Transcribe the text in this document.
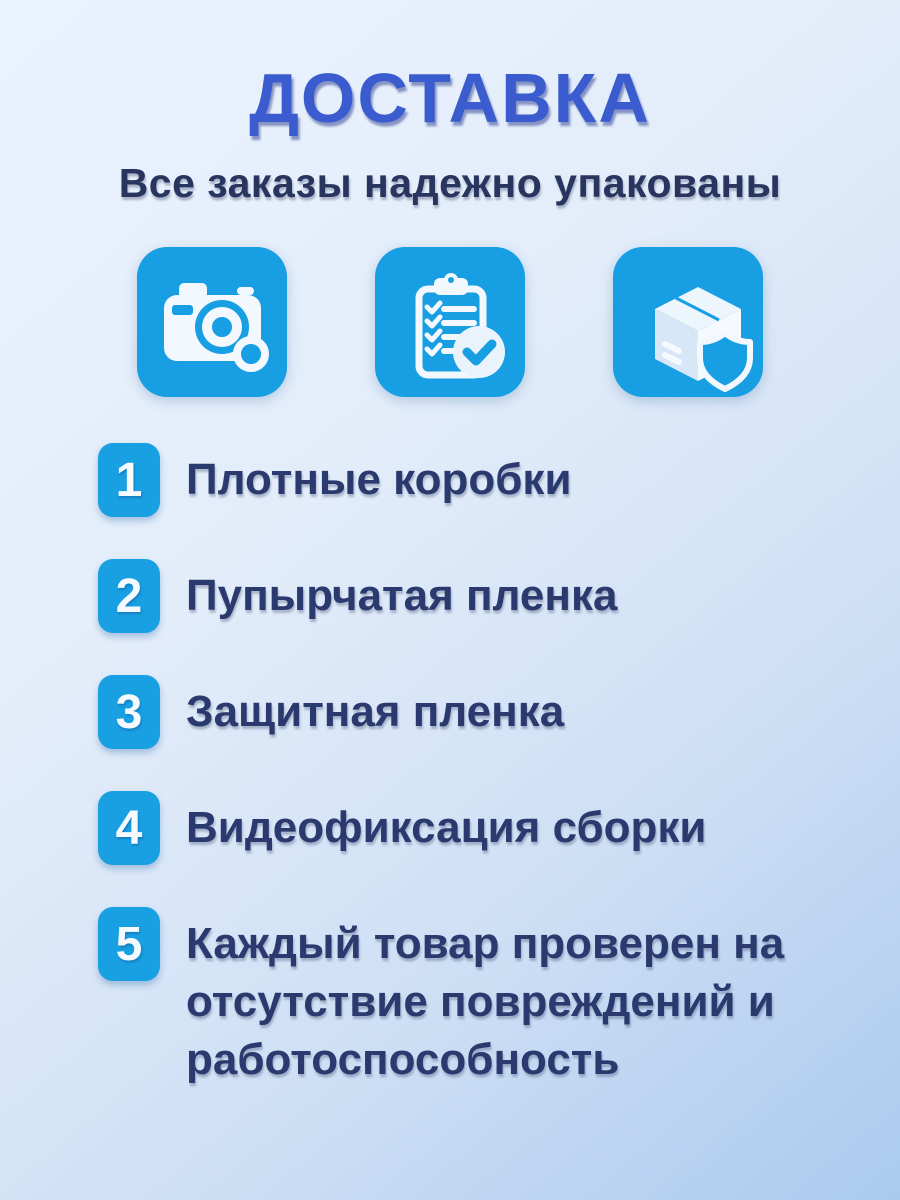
ДОСТАВКА
Все заказы надежно упакованы
1 Плотные коробки
2 Пупырчатая пленка
3 Защитная пленка
4 Видеофиксация сборки
5 Каждый товар проверен на отсутствие повреждений и работоспособность
